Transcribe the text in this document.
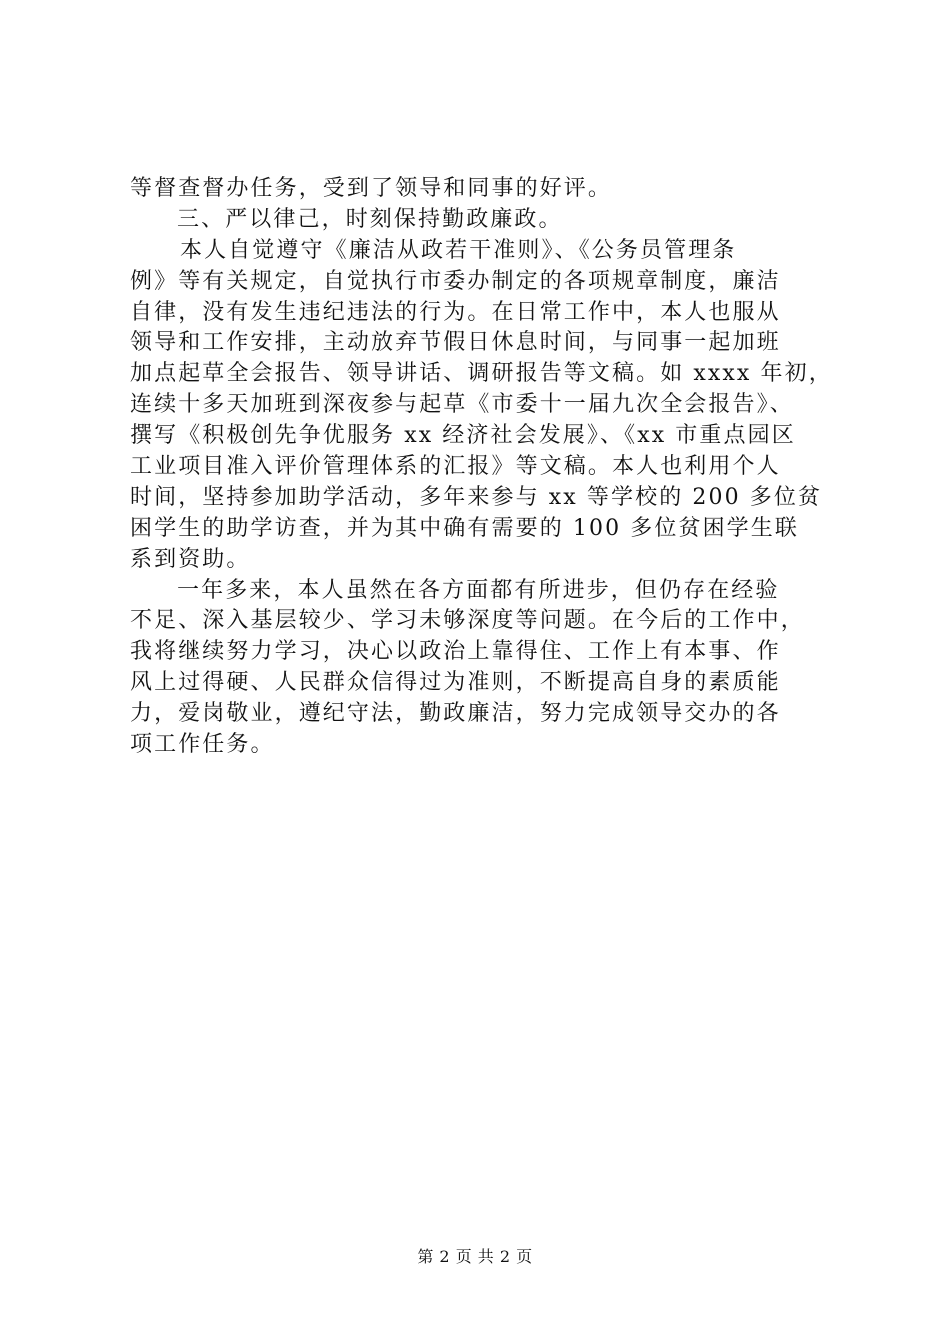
等督查督办任务，受到了领导和同事的好评。
三、严以律己，时刻保持勤政廉政。
本人自觉遵守《廉洁从政若干准则》、《公务员管理条
例》等有关规定，自觉执行市委办制定的各项规章制度，廉洁
自律，没有发生违纪违法的行为。在日常工作中，本人也服从
领导和工作安排，主动放弃节假日休息时间，与同事一起加班
加点起草全会报告、领导讲话、调研报告等文稿。如 xxxx 年初，
连续十多天加班到深夜参与起草《市委十一届九次全会报告》、
撰写《积极创先争优服务 xx 经济社会发展》、《xx 市重点园区
工业项目准入评价管理体系的汇报》等文稿。本人也利用个人
时间，坚持参加助学活动，多年来参与 xx 等学校的 200 多位贫
困学生的助学访查，并为其中确有需要的 100 多位贫困学生联
系到资助。
一年多来，本人虽然在各方面都有所进步，但仍存在经验
不足、深入基层较少、学习未够深度等问题。在今后的工作中，
我将继续努力学习，决心以政治上靠得住、工作上有本事、作
风上过得硬、人民群众信得过为准则，不断提高自身的素质能
力，爱岗敬业，遵纪守法，勤政廉洁，努力完成领导交办的各
项工作任务。
第 2 页 共 2 页
